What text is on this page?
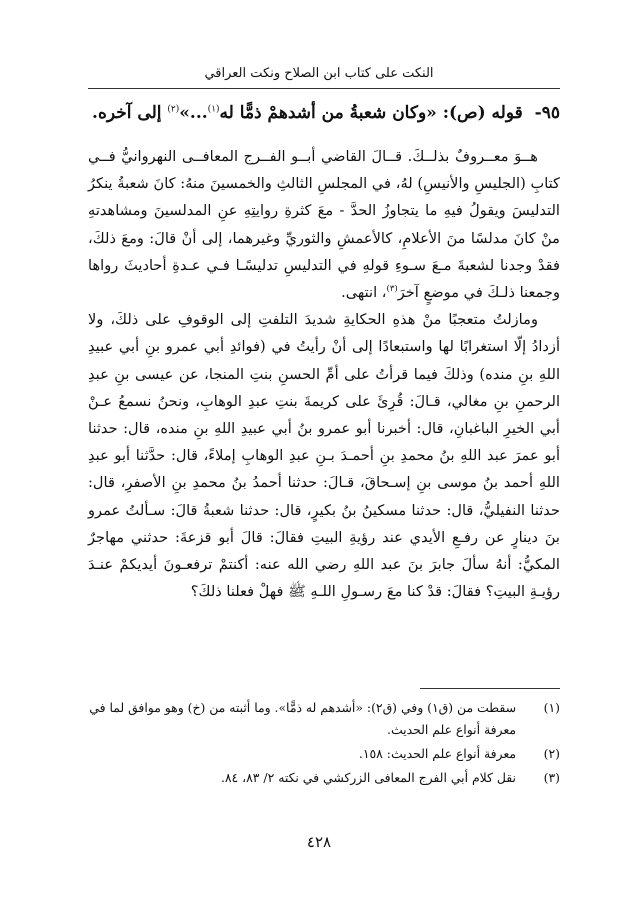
النكت على كتاب ابن الصلاح ونكت العراقي
٩٥- قوله (ص): «وكان شعبةُ من أشدهمْ ذمًّا له$^{(١)}$...»$^{(٢)}$ إلى آخره.

هــوَ معــروفٌ بذلــكَ. قــالَ القاضي أبــو الفــرج المعافــى النهروانيُّ فــي كتابِ (الجليسِ والأنيسِ) لهُ، في المجلسِ الثالثِ والخمسينَ منهُ: كانَ شعبةُ ينكرُ التدليسَ ويقولُ فيهِ ما يتجاوزُ الحدَّ - معَ كثرةِ روايتِهِ عنِ المدلسينَ ومشاهدتهِ منْ كانَ مدلسًا منَ الأعلامِ، كالأعمشِ والثوريِّ وغيرهما، إلى أنْ قالَ: ومعَ ذلكَ، فقدْ وجدنا لشعبةَ مـعَ سـوءِ قولهِ في التدليسِ تدليسًـا فـي عـدةِ أحاديثَ رواها وجمعنا ذلـكَ في موضعٍ آخرَ$^{(٣)}$، انتهى.

ومازلتُ متعجبًا منْ هذهِ الحكايةِ شديدَ التلفتِ إلى الوقوفِ على ذلكَ، ولا أزدادُ إلّا استغرابًا لها واستبعادًا إلى أنْ رأيتُ في (فوائدِ أبي عمرو بنِ أبي عبيدِ اللهِ بنِ منده) وذلكَ فيما قرأتُ على أمِّ الحسنِ بنتِ المنجا، عن عيسى بنِ عبدِ الرحمنِ بنِ مغالي، قـالَ: قُرِئَ على كريمةَ بنتِ عبدِ الوهابِ، ونحنُ نسمعُ عـنْ أبي الخيرِ الباغبانِ، قال: أخبرنا أبو عمرو بنُ أبي عبيدِ اللهِ بنِ منده، قال: حدثنا أبو عمرَ عبد اللهِ بنُ محمدِ بنِ أحمـدَ بـنِ عبدِ الوهابِ إملاءً، قال: حدَّثنا أبو عبدِ اللهِ أحمد بنُ موسى بنِ إسـحاقَ، قـالَ: حدثنا أحمدُ بنُ محمدِ بنِ الأصفرِ، قال: حدثنا النفيليُّ، قال: حدثنا مسكينُ بنُ بكيرٍ، قال: حدثنا شعبةُ قالَ: سـألتُ عمرو بنَ دينارٍ عن رفـعِ الأيدي عند رؤيةِ البيتِ فقالَ: قالَ أبو قزعةَ: حدثني مهاجرٌ المكيُّ: أنهُ سألَ جابرَ بنَ عبد اللهِ رضي الله عنه: أكنتمْ ترفعـونَ أيديكمْ عنـدَ رؤيـةِ البيتِ؟ فقالَ: قدْ كنا معَ رسـولِ اللـهِ ﷺ فهلْ فعلنا ذلكَ؟

(١)
سقطت من (ق١) وفي (ق٢): «أشدهم له ذمًّا». وما أثبته من (خ) وهو موافق لما في معرفة أنواع علم الحديث.
(٢)
معرفة أنواع علم الحديث: ١٥٨.
(٣)
نقل كلام أبي الفرج المعافى الزركشي في نكته ٢/ ٨٣، ٨٤.
٤٢٨
